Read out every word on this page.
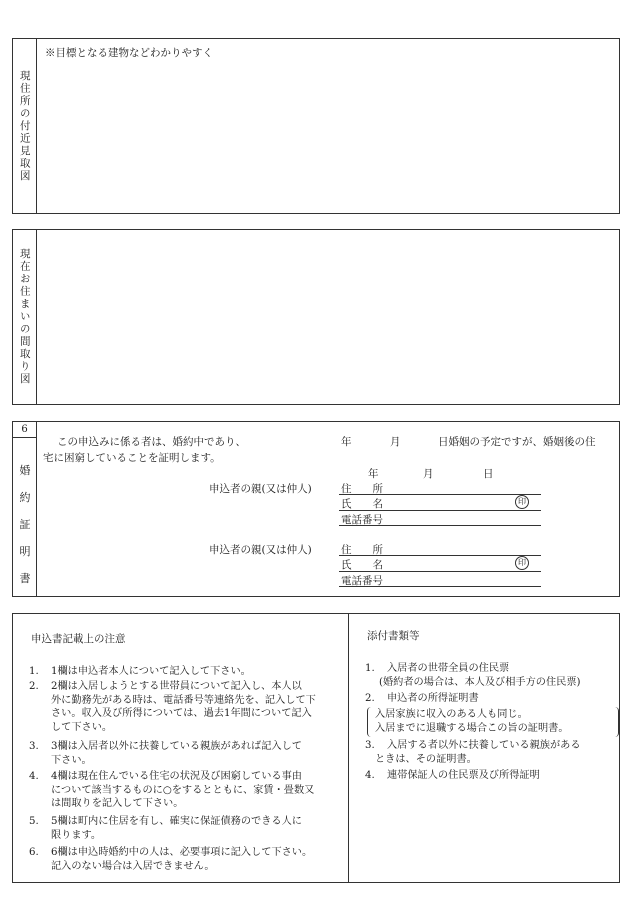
現住所の付近見取図
※目標となる建物などわかりやすく
現在お住まいの間取り図
6
婚
約
証
明
書
この申込みに係る者は、婚約中であり、	年	月	日婚姻の予定ですが、婚姻後の住
宅に困窮していることを証明します。
年	月	日
申込者の親(又は仲人)	住　　所
氏　　名	印
電話番号
申込者の親(又は仲人)	住　　所
氏　　名	印
電話番号
申込書記載上の注意
1. 1欄は申込者本人について記入して下さい。
2. 2欄は入居しようとする世帯員について記入し、本人以
外に勤務先がある時は、電話番号等連絡先を、記入して下
さい。収入及び所得については、過去1年間について記入
して下さい。
3. 3欄は入居者以外に扶養している親族があれば記入して
下さい。
4. 4欄は現在住んでいる住宅の状況及び困窮している事由
について該当するものに○をするとともに、家賃・畳数又
は間取りを記入して下さい。
5. 5欄は町内に住居を有し、確実に保証債務のできる人に
限ります。
6. 6欄は申込時婚約中の人は、必要事項に記入して下さい。
記入のない場合は入居できません。
添付書類等
1. 入居者の世帯全員の住民票
(婚約者の場合は、本人及び相手方の住民票)
2. 申込者の所得証明書
入居家族に収入のある人も同じ。
入居までに退職する場合この旨の証明書。
3. 入居する者以外に扶養している親族がある
ときは、その証明書。
4. 連帯保証人の住民票及び所得証明
